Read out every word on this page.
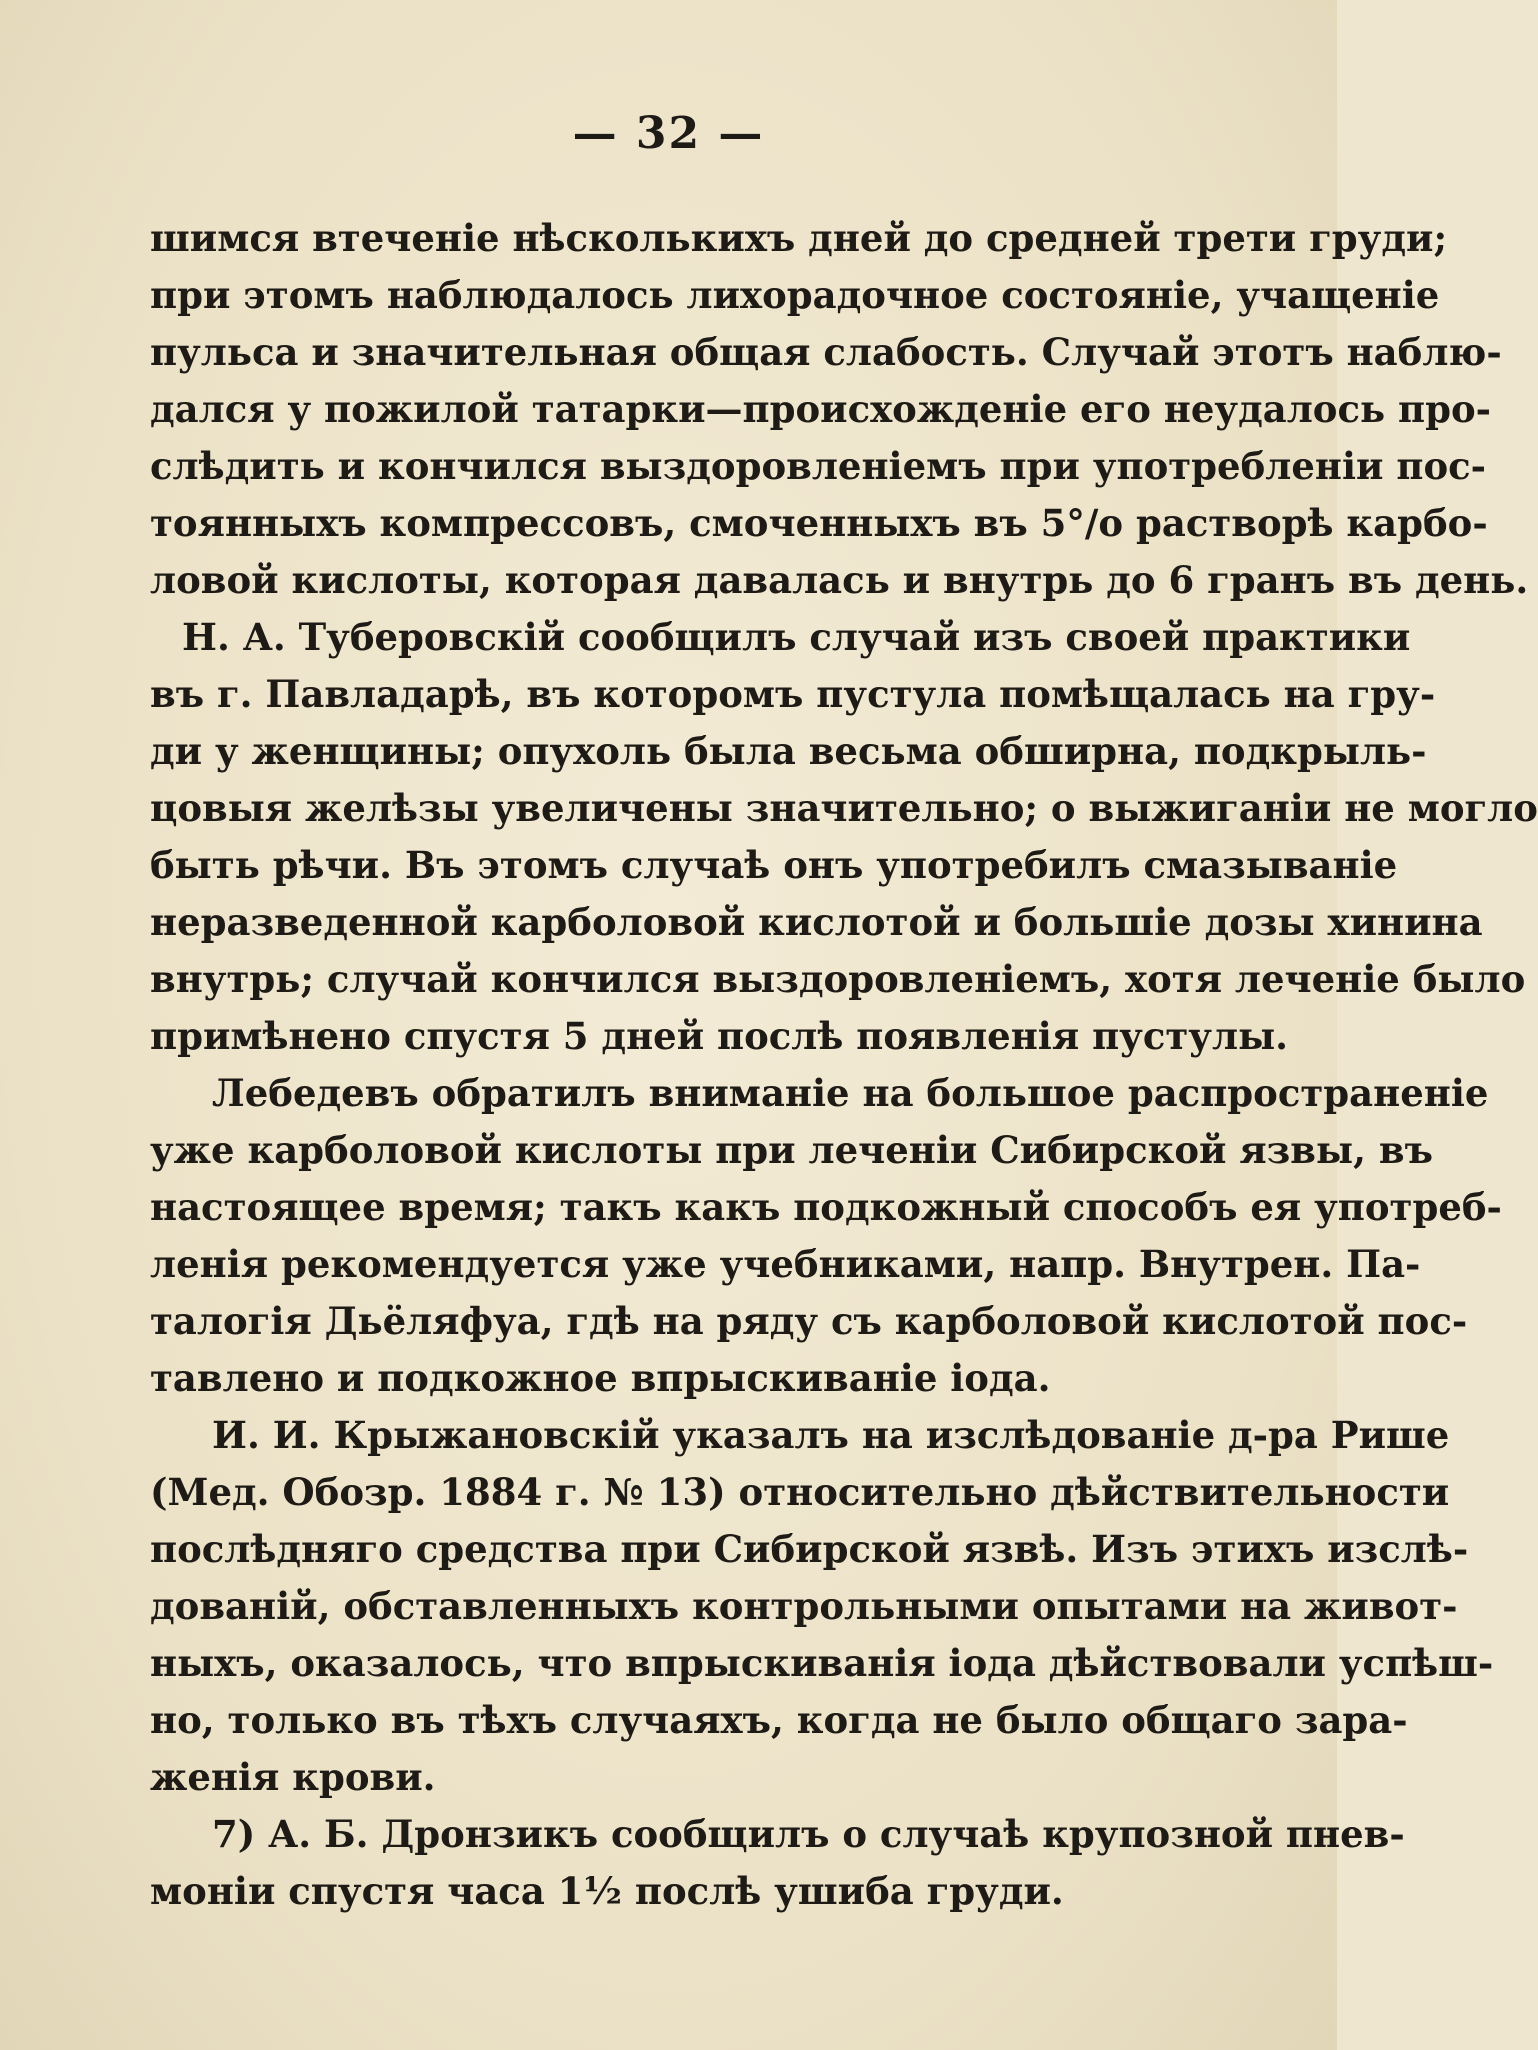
— 32 —
шимся втеченіе нѣсколькихъ дней до средней трети груди;
при этомъ наблюдалось лихорадочное состояніе, учащеніе
пульса и значительная общая слабость. Случай этотъ наблю-
дался у пожилой татарки—происхожденіе его неудалось про-
слѣдить и кончился выздоровленіемъ при употребленіи пос-
тоянныхъ компрессовъ, смоченныхъ въ 5°/о растворѣ карбо-
ловой кислоты, которая давалась и внутрь до 6 гранъ въ день.
Н. А. Туберовскій сообщилъ случай изъ своей практики
въ г. Павладарѣ, въ которомъ пустула помѣщалась на гру-
ди у женщины; опухоль была весьма обширна, подкрыль-
цовыя желѣзы увеличены значительно; о выжиганіи не могло
быть рѣчи. Въ этомъ случаѣ онъ употребилъ смазываніе
неразведенной карболовой кислотой и большіе дозы хинина
внутрь; случай кончился выздоровленіемъ, хотя леченіе было
примѣнено спустя 5 дней послѣ появленія пустулы.
Лебедевъ обратилъ вниманіе на большое распространеніе
уже карболовой кислоты при леченіи Сибирской язвы, въ
настоящее время; такъ какъ подкожный способъ ея употреб-
ленія рекомендуется уже учебниками, напр. Внутрен. Па-
талогія Дьёляфуа, гдѣ на ряду съ карболовой кислотой пос-
тавлено и подкожное впрыскиваніе іода.
И. И. Крыжановскій указалъ на изслѣдованіе д-ра Рише
(Мед. Обозр. 1884 г. № 13) относительно дѣйствительности
послѣдняго средства при Сибирской язвѣ. Изъ этихъ изслѣ-
дованій, обставленныхъ контрольными опытами на живот-
ныхъ, оказалось, что впрыскиванія іода дѣйствовали успѣш-
но, только въ тѣхъ случаяхъ, когда не было общаго зара-
женія крови.
7) А. Б. Дронзикъ сообщилъ о случаѣ крупозной пнев-
моніи спустя часа 1½ послѣ ушиба груди.
